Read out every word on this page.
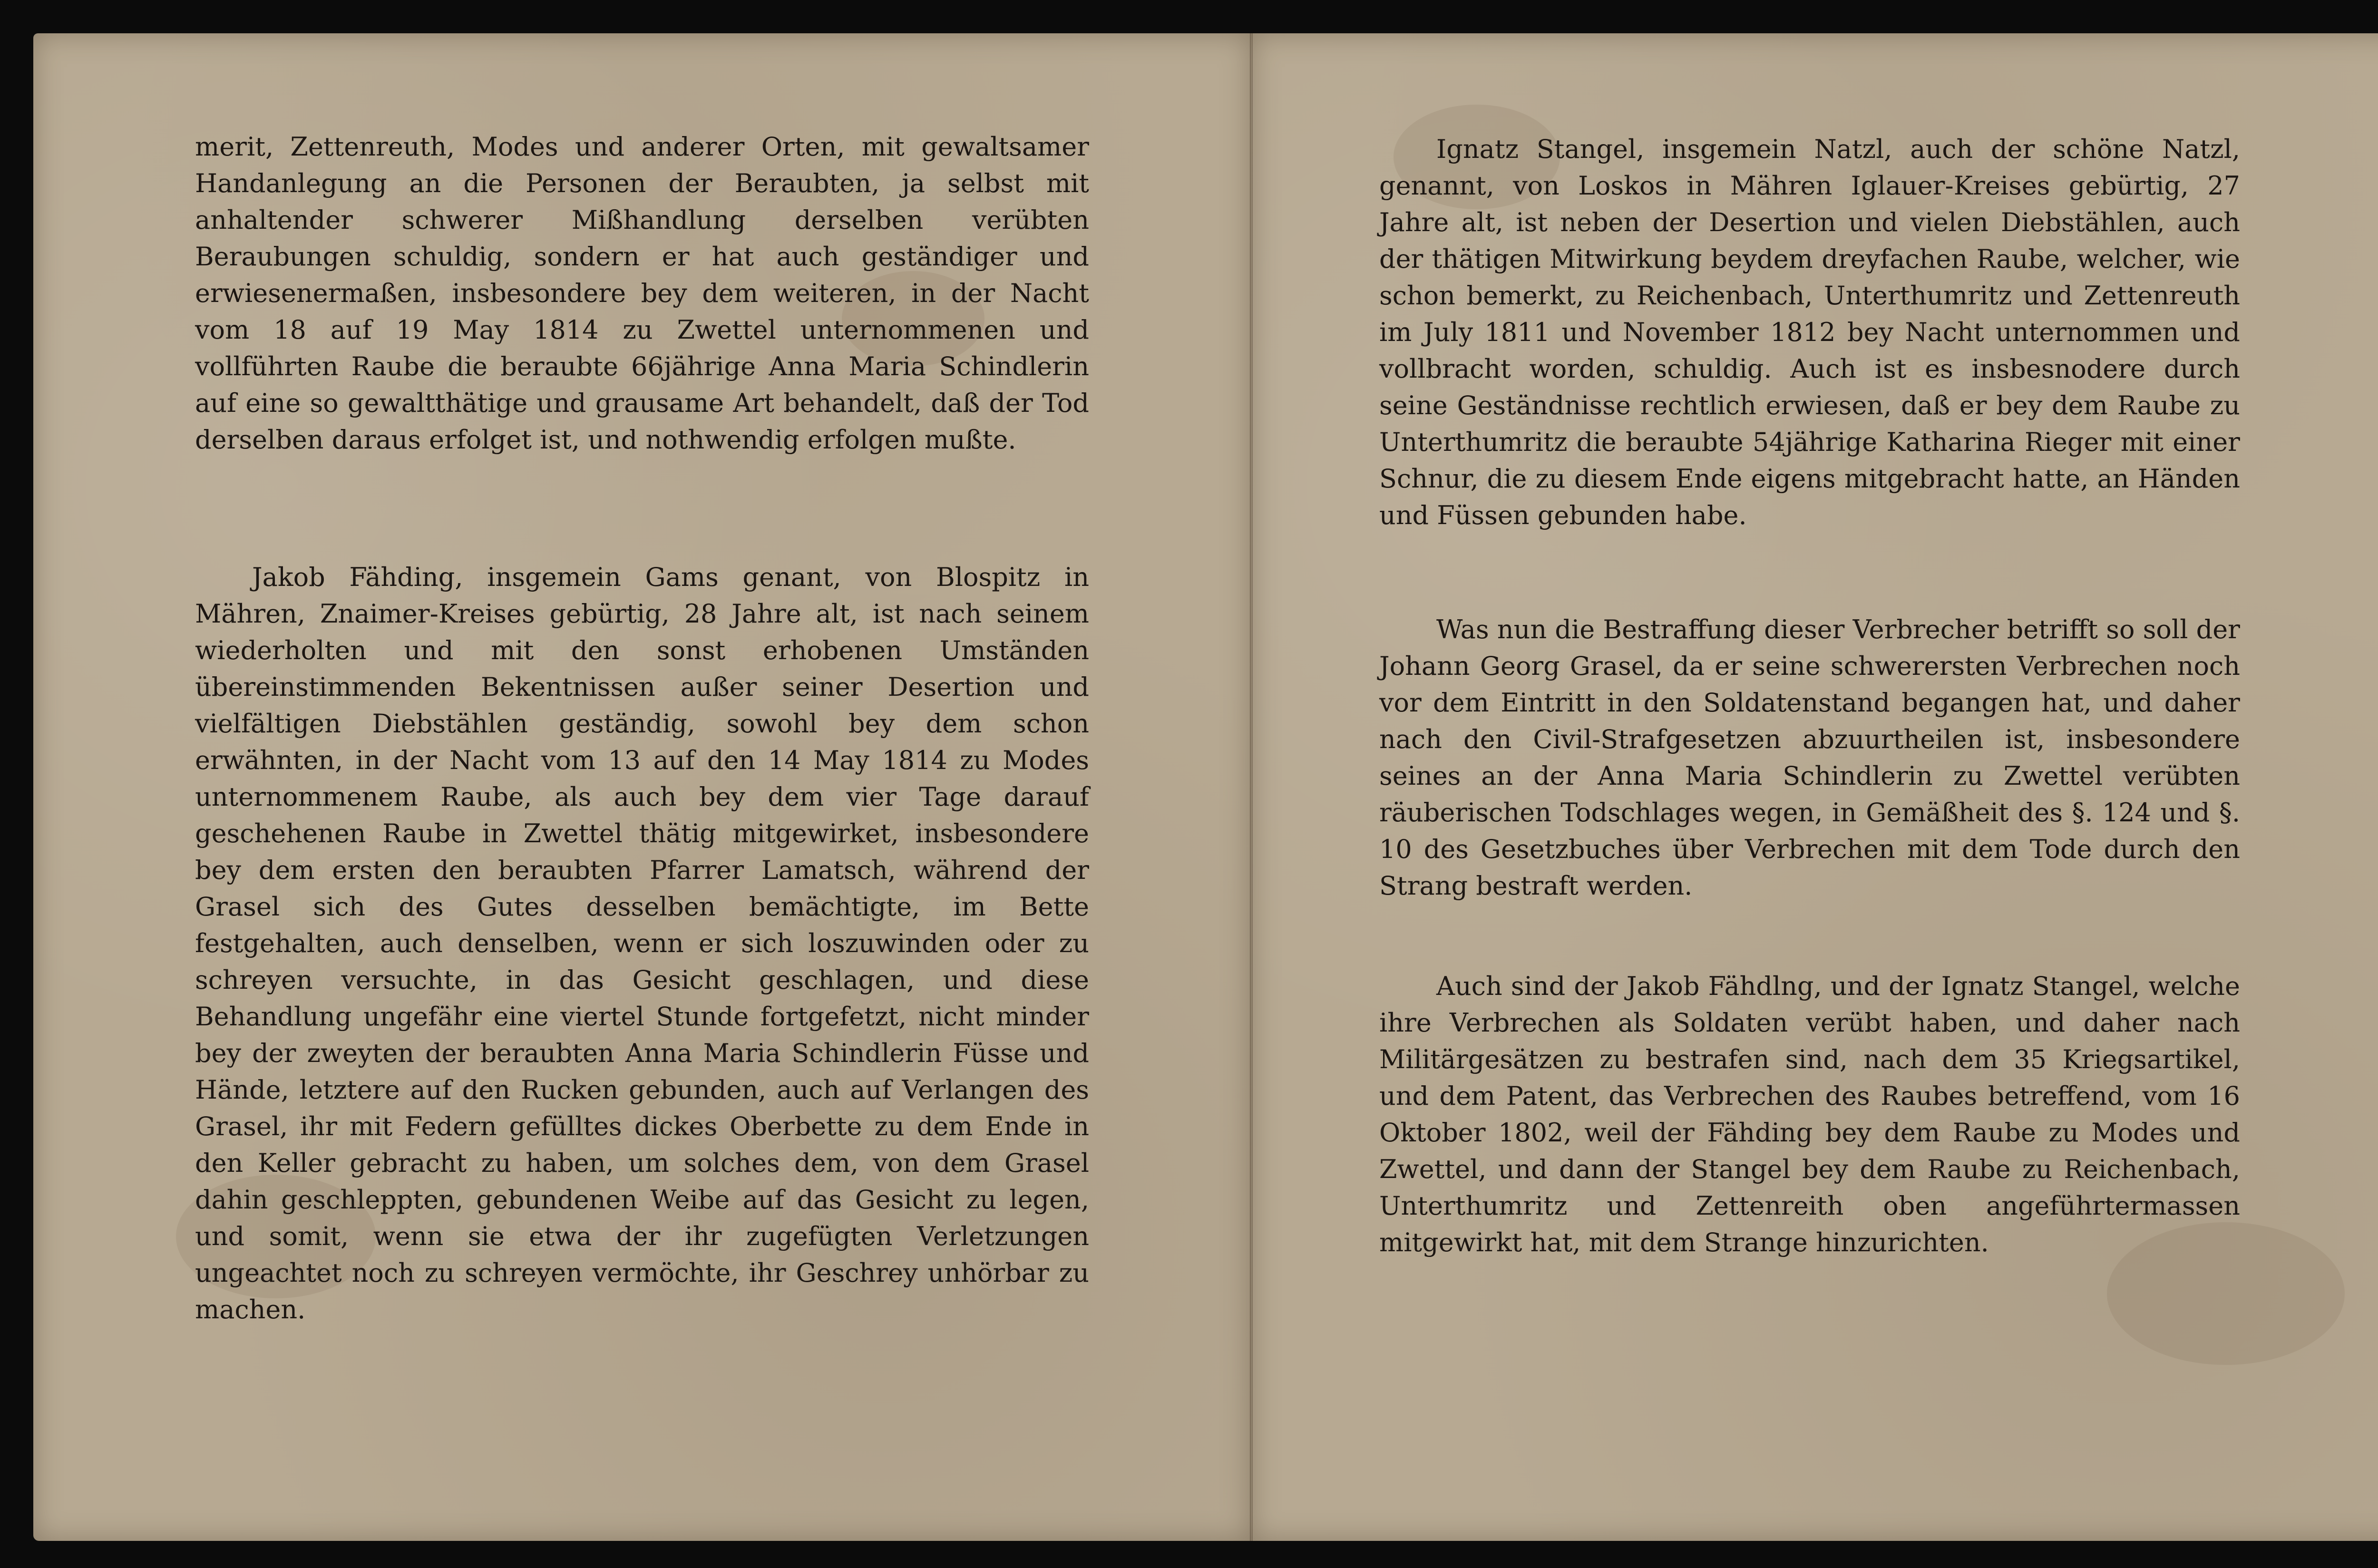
merit, Zettenreuth, Modes und anderer Orten, mit gewaltsamer Handanlegung an die Personen der Beraubten, ja selbst mit anhaltender schwerer Mißhandlung derselben verübten Beraubungen schuldig, sondern er hat auch geständiger und erwiesenermaßen, insbesondere bey dem weiteren, in der Nacht vom 18 auf 19 May 1814 zu Zwettel unternommenen und vollführten Raube die beraubte 66jährige Anna Maria Schindlerin auf eine so gewaltthätige und grausame Art behandelt, daß der Tod derselben daraus erfolget ist, und nothwendig erfolgen mußte.

Jakob Fähding, insgemein Gams genant, von Blospitz in Mähren, Znaimer-Kreises gebürtig, 28 Jahre alt, ist nach seinem wiederholten und mit den sonst erhobenen Umständen übereinstimmenden Bekentnissen außer seiner Desertion und vielfältigen Diebstählen geständig, sowohl bey dem schon erwähnten, in der Nacht vom 13 auf den 14 May 1814 zu Modes unternommenem Raube, als auch bey dem vier Tage darauf geschehenen Raube in Zwettel thätig mitgewirket, insbesondere bey dem ersten den beraubten Pfarrer Lamatsch, während der Grasel sich des Gutes desselben bemächtigte, im Bette festgehalten, auch denselben, wenn er sich loszuwinden oder zu schreyen versuchte, in das Gesicht geschlagen, und diese Behandlung ungefähr eine viertel Stunde fortgefetzt, nicht minder bey der zweyten der beraubten Anna Maria Schindlerin Füsse und Hände, letztere auf den Rucken gebunden, auch auf Verlangen des Grasel, ihr mit Federn gefülltes dickes Oberbette zu dem Ende in den Keller gebracht zu haben, um solches dem, von dem Grasel dahin geschleppten, gebundenen Weibe auf das Gesicht zu legen, und somit, wenn sie etwa der ihr zugefügten Verletzungen ungeachtet noch zu schreyen vermöchte, ihr Geschrey unhörbar zu machen.

Ignatz Stangel, insgemein Natzl, auch der schöne Natzl, genannt, von Loskos in Mähren Iglauer-Kreises gebürtig, 27 Jahre alt, ist neben der Desertion und vielen Diebstählen, auch der thätigen Mitwirkung beydem dreyfachen Raube, welcher, wie schon bemerkt, zu Reichenbach, Unterthumritz und Zettenreuth im July 1811 und November 1812 bey Nacht unternommen und vollbracht worden, schuldig. Auch ist es insbesnodere durch seine Geständnisse rechtlich erwiesen, daß er bey dem Raube zu Unterthumritz die beraubte 54jährige Katharina Rieger mit einer Schnur, die zu diesem Ende eigens mitgebracht hatte, an Händen und Füssen gebunden habe.

Was nun die Bestraffung dieser Verbrecher betrifft so soll der Johann Georg Grasel, da er seine schwerersten Verbrechen noch vor dem Eintritt in den Soldatenstand begangen hat, und daher nach den Civil-Strafgesetzen abzuurtheilen ist, insbesondere seines an der Anna Maria Schindlerin zu Zwettel verübten räuberischen Todschlages wegen, in Gemäßheit des §. 124 und §. 10 des Gesetzbuches über Verbrechen mit dem Tode durch den Strang bestraft werden.

Auch sind der Jakob Fähdlng, und der Ignatz Stangel, welche ihre Verbrechen als Soldaten verübt haben, und daher nach Militärgesätzen zu bestrafen sind, nach dem 35 Kriegsartikel, und dem Patent, das Verbrechen des Raubes betreffend, vom 16 Oktober 1802, weil der Fähding bey dem Raube zu Modes und Zwettel, und dann der Stangel bey dem Raube zu Reichenbach, Unterthumritz und Zettenreith oben angeführtermassen mitgewirkt hat, mit dem Strange hinzurichten.
